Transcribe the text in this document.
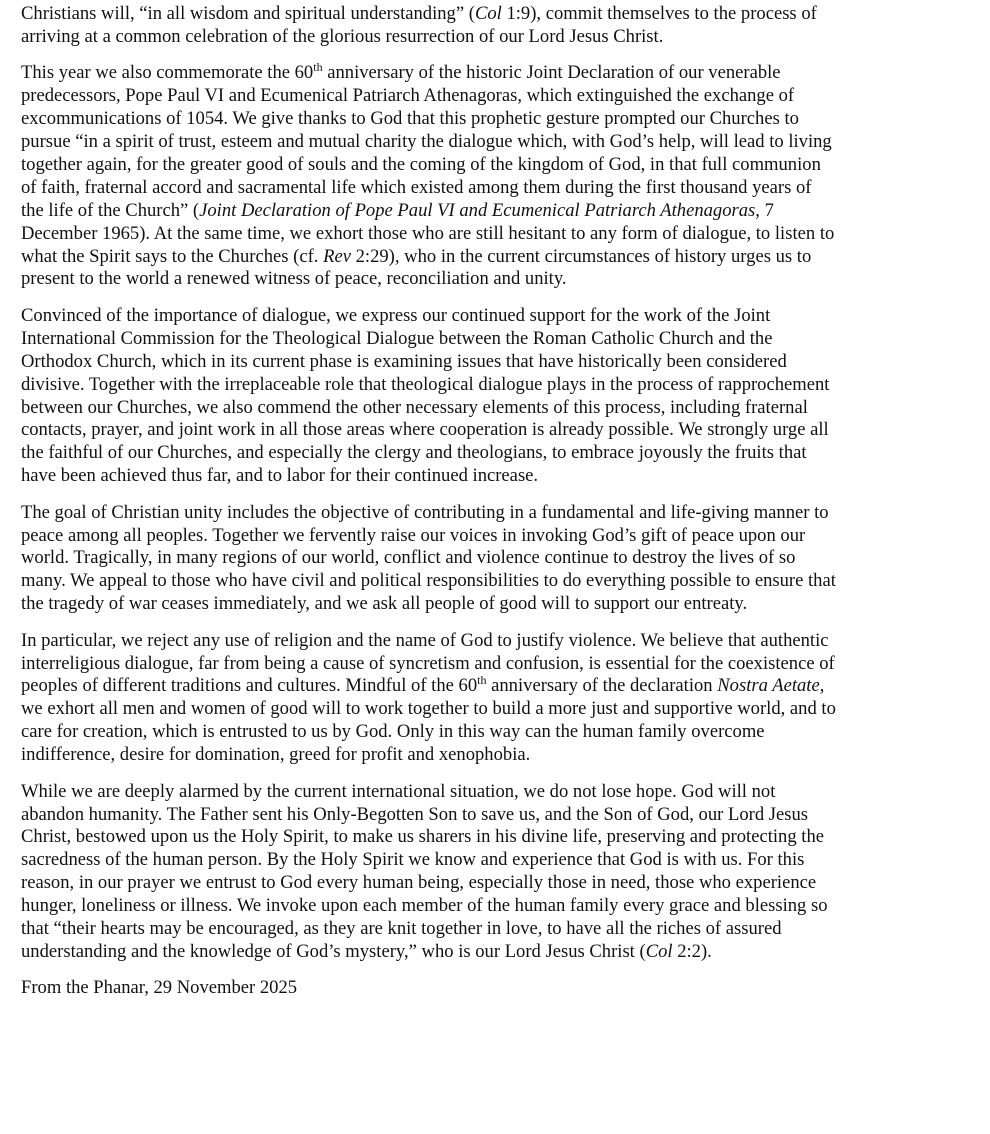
Christians will, “in all wisdom and spiritual understanding” (Col 1:9), commit themselves to the process of
arriving at a common celebration of the glorious resurrection of our Lord Jesus Christ.
This year we also commemorate the 60th anniversary of the historic Joint Declaration of our venerable
predecessors, Pope Paul VI and Ecumenical Patriarch Athenagoras, which extinguished the exchange of
excommunications of 1054. We give thanks to God that this prophetic gesture prompted our Churches to
pursue “in a spirit of trust, esteem and mutual charity the dialogue which, with God’s help, will lead to living
together again, for the greater good of souls and the coming of the kingdom of God, in that full communion
of faith, fraternal accord and sacramental life which existed among them during the first thousand years of
the life of the Church” (Joint Declaration of Pope Paul VI and Ecumenical Patriarch Athenagoras, 7
December 1965). At the same time, we exhort those who are still hesitant to any form of dialogue, to listen to
what the Spirit says to the Churches (cf. Rev 2:29), who in the current circumstances of history urges us to
present to the world a renewed witness of peace, reconciliation and unity.
Convinced of the importance of dialogue, we express our continued support for the work of the Joint
International Commission for the Theological Dialogue between the Roman Catholic Church and the
Orthodox Church, which in its current phase is examining issues that have historically been considered
divisive. Together with the irreplaceable role that theological dialogue plays in the process of rapprochement
between our Churches, we also commend the other necessary elements of this process, including fraternal
contacts, prayer, and joint work in all those areas where cooperation is already possible. We strongly urge all
the faithful of our Churches, and especially the clergy and theologians, to embrace joyously the fruits that
have been achieved thus far, and to labor for their continued increase.
The goal of Christian unity includes the objective of contributing in a fundamental and life-giving manner to
peace among all peoples. Together we fervently raise our voices in invoking God’s gift of peace upon our
world. Tragically, in many regions of our world, conflict and violence continue to destroy the lives of so
many. We appeal to those who have civil and political responsibilities to do everything possible to ensure that
the tragedy of war ceases immediately, and we ask all people of good will to support our entreaty.
In particular, we reject any use of religion and the name of God to justify violence. We believe that authentic
interreligious dialogue, far from being a cause of syncretism and confusion, is essential for the coexistence of
peoples of different traditions and cultures. Mindful of the 60th anniversary of the declaration Nostra Aetate,
we exhort all men and women of good will to work together to build a more just and supportive world, and to
care for creation, which is entrusted to us by God. Only in this way can the human family overcome
indifference, desire for domination, greed for profit and xenophobia.
While we are deeply alarmed by the current international situation, we do not lose hope. God will not
abandon humanity. The Father sent his Only-Begotten Son to save us, and the Son of God, our Lord Jesus
Christ, bestowed upon us the Holy Spirit, to make us sharers in his divine life, preserving and protecting the
sacredness of the human person. By the Holy Spirit we know and experience that God is with us. For this
reason, in our prayer we entrust to God every human being, especially those in need, those who experience
hunger, loneliness or illness. We invoke upon each member of the human family every grace and blessing so
that “their hearts may be encouraged, as they are knit together in love, to have all the riches of assured
understanding and the knowledge of God’s mystery,” who is our Lord Jesus Christ (Col 2:2).
From the Phanar, 29 November 2025
